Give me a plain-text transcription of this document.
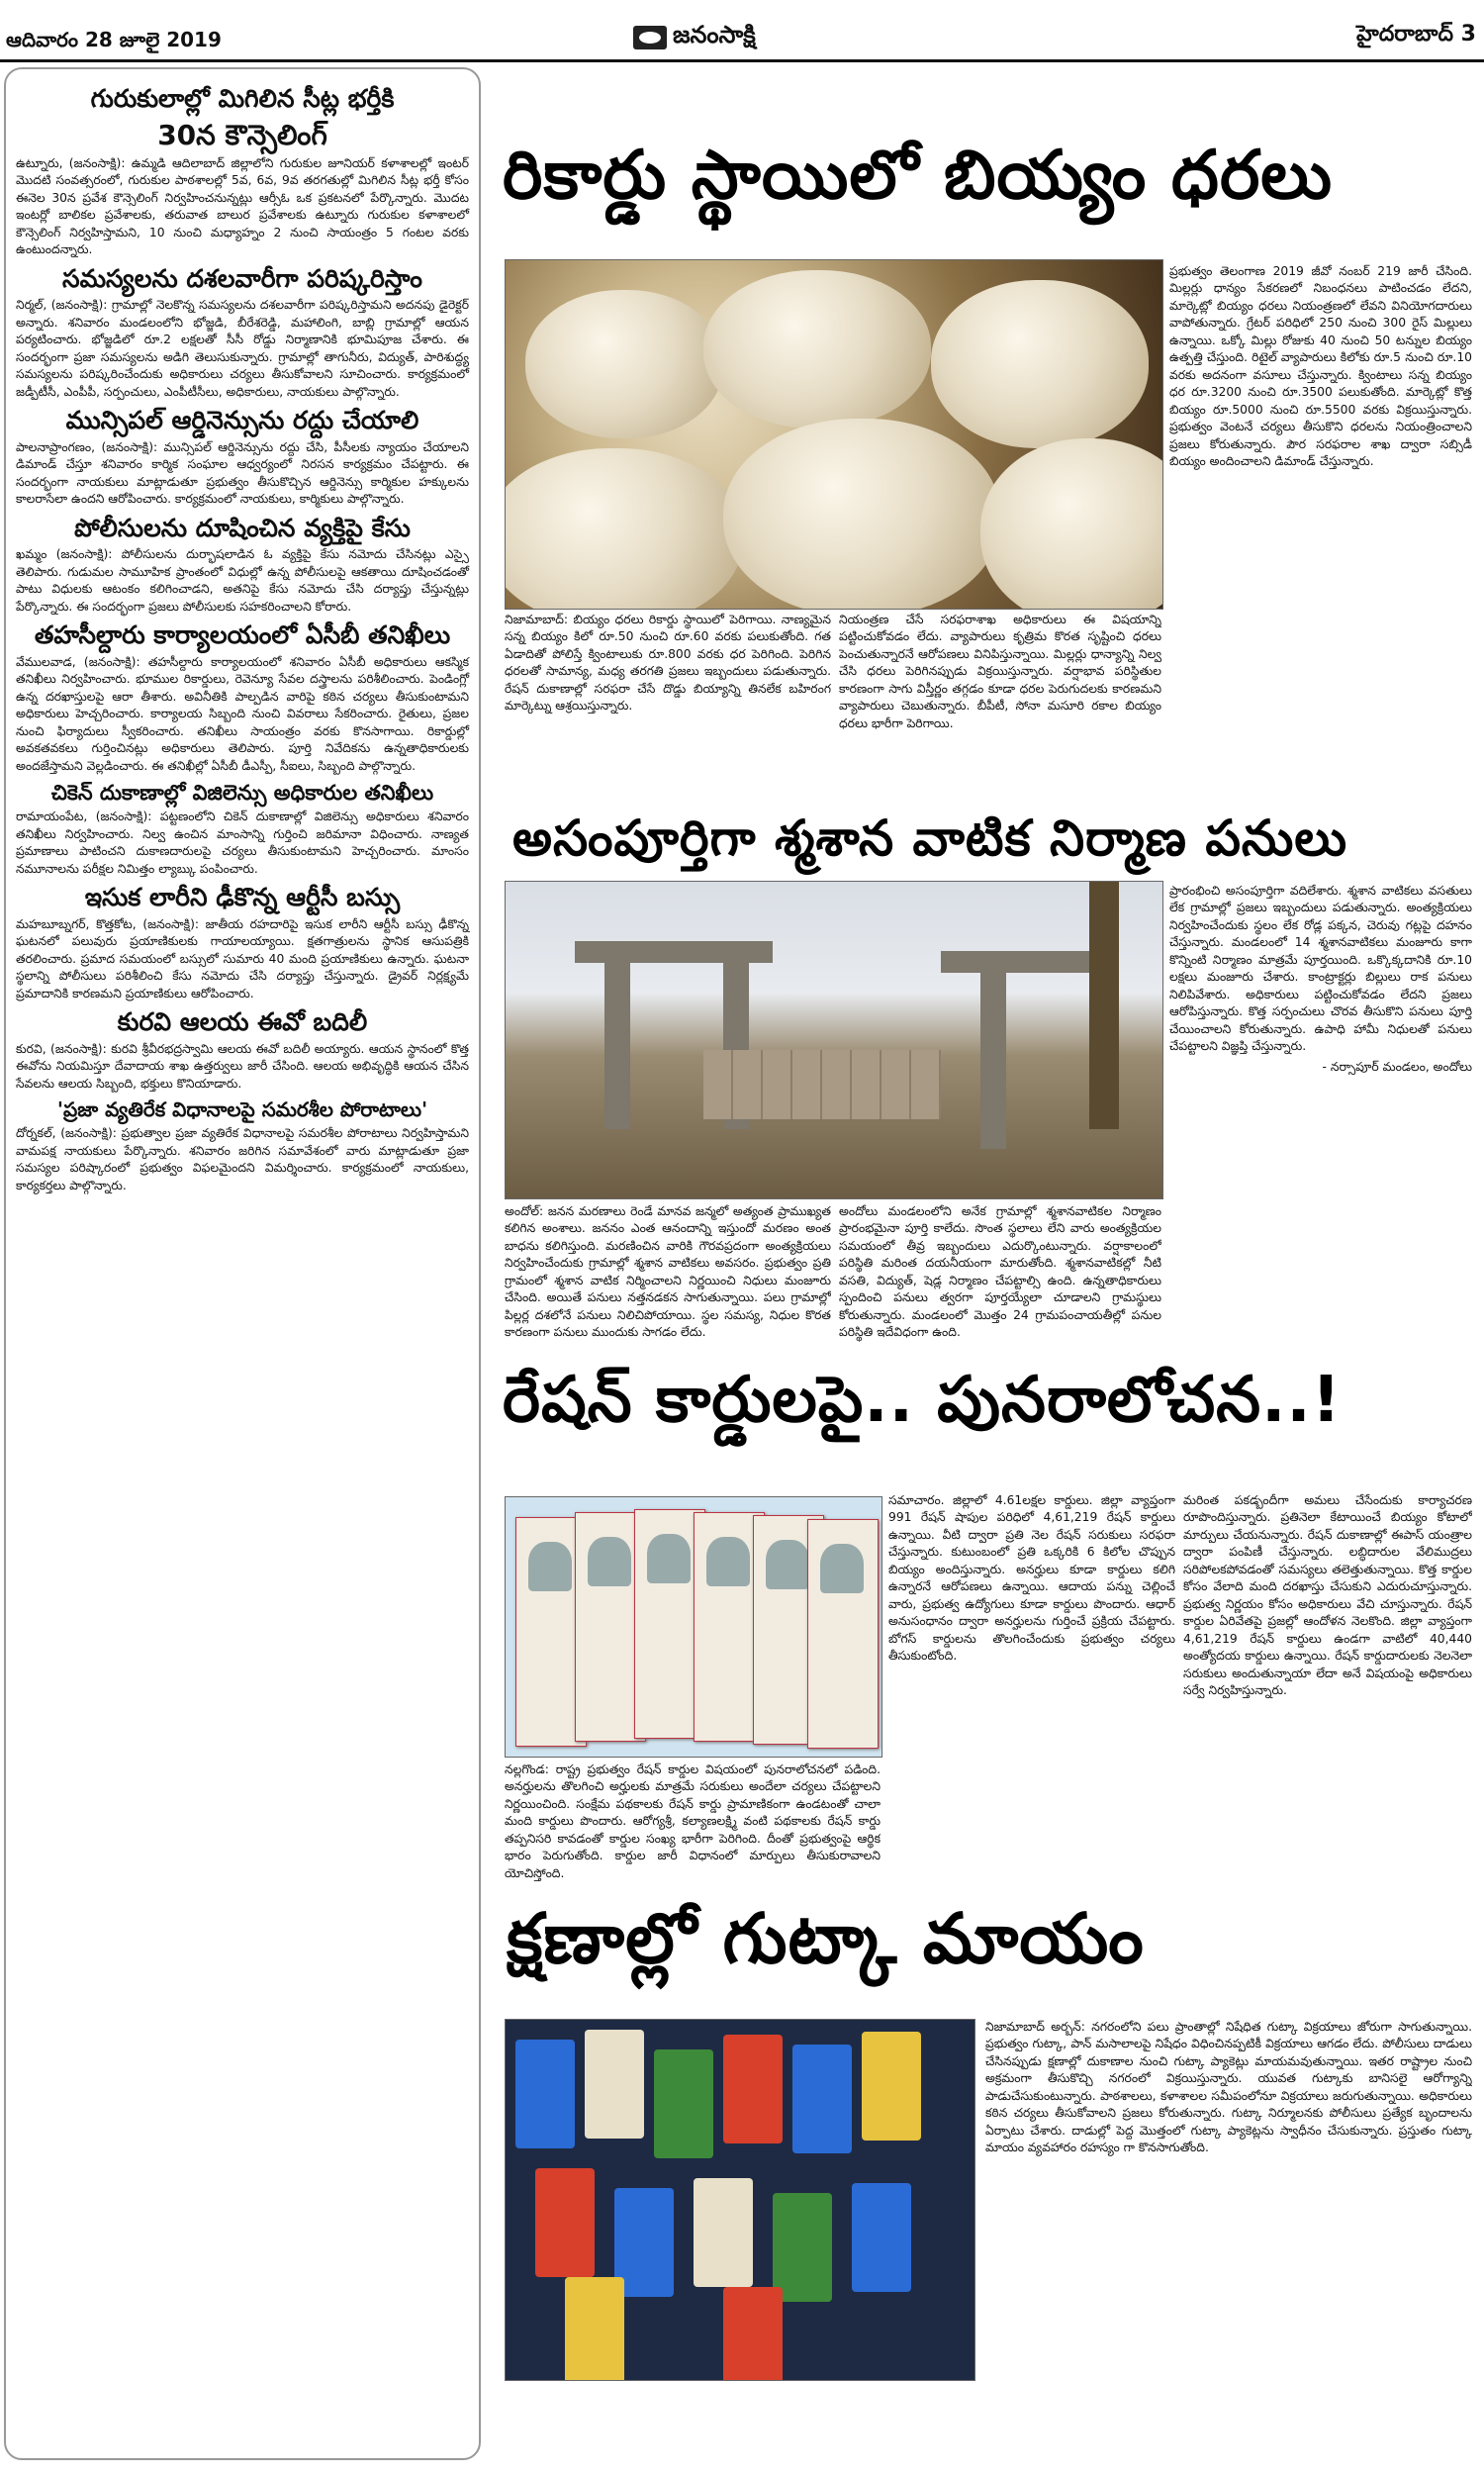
ఆదివారం 28 జూలై 2019	జనంసాక్షి	హైదరాబాద్ 3
గురుకులాల్లో మిగిలిన సీట్ల భర్తీకి
30న కౌన్సెలింగ్

ఉట్నూరు, (జనంసాక్షి): ఉమ్మడి ఆదిలాబాద్ జిల్లాలోని గురుకుల జూనియర్ కళాశాలల్లో ఇంటర్ మొదటి సంవత్సరంలో, గురుకుల పాఠశాలల్లో 5వ, 6వ, 9వ తరగతుల్లో మిగిలిన సీట్ల భర్తీ కోసం ఈనెల 30న ప్రవేశ కౌన్సెలింగ్ నిర్వహించనున్నట్లు ఆర్సీఓ ఒక ప్రకటనలో పేర్కొన్నారు. మొదట ఇంటర్లో బాలికల ప్రవేశాలకు, తరువాత బాలుర ప్రవేశాలకు ఉట్నూరు గురుకుల కళాశాలలో కౌన్సెలింగ్ నిర్వహిస్తామని, 10 నుంచి మధ్యాహ్నం 2 నుంచి సాయంత్రం 5 గంటల వరకు ఉంటుందన్నారు.

సమస్యలను దశలవారీగా పరిష్కరిస్తాం

నిర్మల్, (జనంసాక్షి): గ్రామాల్లో నెలకొన్న సమస్యలను దశలవారీగా పరిష్కరిస్తామని అదనపు డైరెక్టర్ అన్నారు. శనివారం మండలంలోని భోజ్జడి, బీరేశరెడ్డి, మహాలింగి, బాబ్లి గ్రామాల్లో ఆయన పర్యటించారు. భోజ్జడిలో రూ.2 లక్షలతో సీసీ రోడ్డు నిర్మాణానికి భూమిపూజ చేశారు. ఈ సందర్భంగా ప్రజా సమస్యలను అడిగి తెలుసుకున్నారు. గ్రామాల్లో తాగునీరు, విద్యుత్, పారిశుద్ధ్య సమస్యలను పరిష్కరించేందుకు అధికారులు చర్యలు తీసుకోవాలని సూచించారు. కార్యక్రమంలో జడ్పీటీసీ, ఎంపీపీ, సర్పంచులు, ఎంపీటీసీలు, అధికారులు, నాయకులు పాల్గొన్నారు.

మున్సిపల్ ఆర్డినెన్సును రద్దు చేయాలి

పాలనాప్రాంగణం, (జనంసాక్షి): మున్సిపల్ ఆర్డినెన్సును రద్దు చేసి, పీసీలకు న్యాయం చేయాలని డిమాండ్ చేస్తూ శనివారం కార్మిక సంఘాల ఆధ్వర్యంలో నిరసన కార్యక్రమం చేపట్టారు. ఈ సందర్భంగా నాయకులు మాట్లాడుతూ ప్రభుత్వం తీసుకొచ్చిన ఆర్డినెన్సు కార్మికుల హక్కులను కాలరాసేలా ఉందని ఆరోపించారు. కార్యక్రమంలో నాయకులు, కార్మికులు పాల్గొన్నారు.

పోలీసులను దూషించిన వ్యక్తిపై కేసు

ఖమ్మం (జనంసాక్షి): పోలీసులను దుర్భాషలాడిన ఓ వ్యక్తిపై కేసు నమోదు చేసినట్లు ఎస్సై తెలిపారు. గుడుమల సామూహిక ప్రాంతంలో విధుల్లో ఉన్న పోలీసులపై ఆకతాయి దూషించడంతో పాటు విధులకు ఆటంకం కలిగించాడని, అతనిపై కేసు నమోదు చేసి దర్యాప్తు చేస్తున్నట్లు పేర్కొన్నారు. ఈ సందర్భంగా ప్రజలు పోలీసులకు సహకరించాలని కోరారు.

తహసీల్దారు కార్యాలయంలో ఏసీబీ తనిఖీలు

వేములవాడ, (జనంసాక్షి): తహసీల్దారు కార్యాలయంలో శనివారం ఏసీబీ అధికారులు ఆకస్మిక తనిఖీలు నిర్వహించారు. భూముల రికార్డులు, రెవెన్యూ సేవల దస్త్రాలను పరిశీలించారు. పెండింగ్లో ఉన్న దరఖాస్తులపై ఆరా తీశారు. అవినీతికి పాల్పడిన వారిపై కఠిన చర్యలు తీసుకుంటామని అధికారులు హెచ్చరించారు. కార్యాలయ సిబ్బంది నుంచి వివరాలు సేకరించారు. రైతులు, ప్రజల నుంచి ఫిర్యాదులు స్వీకరించారు. తనిఖీలు సాయంత్రం వరకు కొనసాగాయి. రికార్డుల్లో అవకతవకలు గుర్తించినట్లు అధికారులు తెలిపారు. పూర్తి నివేదికను ఉన్నతాధికారులకు అందజేస్తామని వెల్లడించారు. ఈ తనిఖీల్లో ఏసీబీ డీఎస్పీ, సీఐలు, సిబ్బంది పాల్గొన్నారు.

చికెన్ దుకాణాల్లో విజిలెన్సు అధికారుల తనిఖీలు

రామాయంపేట, (జనంసాక్షి): పట్టణంలోని చికెన్ దుకాణాల్లో విజిలెన్సు అధికారులు శనివారం తనిఖీలు నిర్వహించారు. నిల్వ ఉంచిన మాంసాన్ని గుర్తించి జరిమానా విధించారు. నాణ్యత ప్రమాణాలు పాటించని దుకాణదారులపై చర్యలు తీసుకుంటామని హెచ్చరించారు. మాంసం నమూనాలను పరీక్షల నిమిత్తం ల్యాబ్కు పంపించారు.

ఇసుక లారీని ఢీకొన్న ఆర్టీసీ బస్సు

మహబూబ్నగర్, కొత్తకోట, (జనంసాక్షి): జాతీయ రహదారిపై ఇసుక లారీని ఆర్టీసీ బస్సు ఢీకొన్న ఘటనలో పలువురు ప్రయాణికులకు గాయాలయ్యాయి. క్షతగాత్రులను స్థానిక ఆసుపత్రికి తరలించారు. ప్రమాద సమయంలో బస్సులో సుమారు 40 మంది ప్రయాణికులు ఉన్నారు. ఘటనా స్థలాన్ని పోలీసులు పరిశీలించి కేసు నమోదు చేసి దర్యాప్తు చేస్తున్నారు. డ్రైవర్ నిర్లక్ష్యమే ప్రమాదానికి కారణమని ప్రయాణికులు ఆరోపించారు.

కురవి ఆలయ ఈవో బదిలీ

కురవి, (జనంసాక్షి): కురవి శ్రీవీరభద్రస్వామి ఆలయ ఈవో బదిలీ అయ్యారు. ఆయన స్థానంలో కొత్త ఈవోను నియమిస్తూ దేవాదాయ శాఖ ఉత్తర్వులు జారీ చేసింది. ఆలయ అభివృద్ధికి ఆయన చేసిన సేవలను ఆలయ సిబ్బంది, భక్తులు కొనియాడారు.

'ప్రజా వ్యతిరేక విధానాలపై సమరశీల పోరాటాలు'

దోర్నకల్, (జనంసాక్షి): ప్రభుత్వాల ప్రజా వ్యతిరేక విధానాలపై సమరశీల పోరాటాలు నిర్వహిస్తామని వామపక్ష నాయకులు పేర్కొన్నారు. శనివారం జరిగిన సమావేశంలో వారు మాట్లాడుతూ ప్రజా సమస్యల పరిష్కారంలో ప్రభుత్వం విఫలమైందని విమర్శించారు. కార్యక్రమంలో నాయకులు, కార్యకర్తలు పాల్గొన్నారు.

రికార్డు స్థాయిలో బియ్యం ధరలు

ప్రభుత్వం తెలంగాణ 2019 జీవో నంబర్ 219 జారీ చేసింది. మిల్లర్లు ధాన్యం సేకరణలో నిబంధనలు పాటించడం లేదని, మార్కెట్లో బియ్యం ధరలు నియంత్రణలో లేవని వినియోగదారులు వాపోతున్నారు. గ్రేటర్ పరిధిలో 250 నుంచి 300 రైస్ మిల్లులు ఉన్నాయి. ఒక్కో మిల్లు రోజుకు 40 నుంచి 50 టన్నుల బియ్యం ఉత్పత్తి చేస్తుంది. రిటైల్ వ్యాపారులు కిలోకు రూ.5 నుంచి రూ.10 వరకు అదనంగా వసూలు చేస్తున్నారు. క్వింటాలు సన్న బియ్యం ధర రూ.3200 నుంచి రూ.3500 పలుకుతోంది. మార్కెట్లో కొత్త బియ్యం రూ.5000 నుంచి రూ.5500 వరకు విక్రయిస్తున్నారు. ప్రభుత్వం వెంటనే చర్యలు తీసుకొని ధరలను నియంత్రించాలని ప్రజలు కోరుతున్నారు. పౌర సరఫరాల శాఖ ద్వారా సబ్సిడీ బియ్యం అందించాలని డిమాండ్ చేస్తున్నారు.

నిజామాబాద్: బియ్యం ధరలు రికార్డు స్థాయిలో పెరిగాయి. నాణ్యమైన సన్న బియ్యం కిలో రూ.50 నుంచి రూ.60 వరకు పలుకుతోంది. గత ఏడాదితో పోలిస్తే క్వింటాలుకు రూ.800 వరకు ధర పెరిగింది. పెరిగిన ధరలతో సామాన్య, మధ్య తరగతి ప్రజలు ఇబ్బందులు పడుతున్నారు. రేషన్ దుకాణాల్లో సరఫరా చేసే దొడ్డు బియ్యాన్ని తినలేక బహిరంగ మార్కెట్ను ఆశ్రయిస్తున్నారు.

నియంత్రణ చేసే సరఫరాశాఖ అధికారులు ఈ విషయాన్ని పట్టించుకోవడం లేదు. వ్యాపారులు కృత్రిమ కొరత సృష్టించి ధరలు పెంచుతున్నారనే ఆరోపణలు వినిపిస్తున్నాయి. మిల్లర్లు ధాన్యాన్ని నిల్వ చేసి ధరలు పెరిగినప్పుడు విక్రయిస్తున్నారు. వర్షాభావ పరిస్థితుల కారణంగా సాగు విస్తీర్ణం తగ్గడం కూడా ధరల పెరుగుదలకు కారణమని వ్యాపారులు చెబుతున్నారు. బీపీటీ, సోనా మసూరి రకాల బియ్యం ధరలు భారీగా పెరిగాయి.

అసంపూర్తిగా శ్మశాన వాటిక నిర్మాణ పనులు

ప్రారంభించి అసంపూర్తిగా వదిలేశారు. శ్మశాన వాటికలు వసతులు లేక గ్రామాల్లో ప్రజలు ఇబ్బందులు పడుతున్నారు. అంత్యక్రియలు నిర్వహించేందుకు స్థలం లేక రోడ్ల పక్కన, చెరువు గట్లపై దహనం చేస్తున్నారు. మండలంలో 14 శ్మశానవాటికలు మంజూరు కాగా కొన్నింటి నిర్మాణం మాత్రమే పూర్తయింది. ఒక్కొక్కదానికి రూ.10 లక్షలు మంజూరు చేశారు. కాంట్రాక్టర్లు బిల్లులు రాక పనులు నిలిపివేశారు. అధికారులు పట్టించుకోవడం లేదని ప్రజలు ఆరోపిస్తున్నారు. కొత్త సర్పంచులు చొరవ తీసుకొని పనులు పూర్తి చేయించాలని కోరుతున్నారు. ఉపాధి హామీ నిధులతో పనులు చేపట్టాలని విజ్ఞప్తి చేస్తున్నారు.

- నర్సాపూర్ మండలం, అందోలు

అందోల్: జనన మరణాలు రెండే మానవ జన్మలో అత్యంత ప్రాముఖ్యత కలిగిన అంశాలు. జననం ఎంత ఆనందాన్ని ఇస్తుందో మరణం అంత బాధను కలిగిస్తుంది. మరణించిన వారికి గౌరవప్రదంగా అంత్యక్రియలు నిర్వహించేందుకు గ్రామాల్లో శ్మశాన వాటికలు అవసరం. ప్రభుత్వం ప్రతి గ్రామంలో శ్మశాన వాటిక నిర్మించాలని నిర్ణయించి నిధులు మంజూరు చేసింది. అయితే పనులు నత్తనడకన సాగుతున్నాయి. పలు గ్రామాల్లో పిల్లర్ల దశలోనే పనులు నిలిచిపోయాయి. స్థల సమస్య, నిధుల కొరత కారణంగా పనులు ముందుకు సాగడం లేదు.

అందోలు మండలంలోని అనేక గ్రామాల్లో శ్మశానవాటికల నిర్మాణం ప్రారంభమైనా పూర్తి కాలేదు. సొంత స్థలాలు లేని వారు అంత్యక్రియల సమయంలో తీవ్ర ఇబ్బందులు ఎదుర్కొంటున్నారు. వర్షాకాలంలో పరిస్థితి మరింత దయనీయంగా మారుతోంది. శ్మశానవాటికల్లో నీటి వసతి, విద్యుత్, షెడ్ల నిర్మాణం చేపట్టాల్సి ఉంది. ఉన్నతాధికారులు స్పందించి పనులు త్వరగా పూర్తయ్యేలా చూడాలని గ్రామస్థులు కోరుతున్నారు. మండలంలో మొత్తం 24 గ్రామపంచాయతీల్లో పనుల పరిస్థితి ఇదేవిధంగా ఉంది.

రేషన్ కార్డులపై.. పునరాలోచన..!

సమాచారం. జిల్లాలో 4.61లక్షల కార్డులు. జిల్లా వ్యాప్తంగా 991 రేషన్ షాపుల పరిధిలో 4,61,219 రేషన్ కార్డులు ఉన్నాయి. వీటి ద్వారా ప్రతి నెల రేషన్ సరుకులు సరఫరా చేస్తున్నారు. కుటుంబంలో ప్రతి ఒక్కరికి 6 కిలోల చొప్పున బియ్యం అందిస్తున్నారు. అనర్హులు కూడా కార్డులు కలిగి ఉన్నారనే ఆరోపణలు ఉన్నాయి. ఆదాయ పన్ను చెల్లించే వారు, ప్రభుత్వ ఉద్యోగులు కూడా కార్డులు పొందారు. ఆధార్ అనుసంధానం ద్వారా అనర్హులను గుర్తించే ప్రక్రియ చేపట్టారు. బోగస్ కార్డులను తొలగించేందుకు ప్రభుత్వం చర్యలు తీసుకుంటోంది.

మరింత పకడ్బందీగా అమలు చేసేందుకు కార్యాచరణ రూపొందిస్తున్నారు. ప్రతినెలా కేటాయించే బియ్యం కోటాలో మార్పులు చేయనున్నారు. రేషన్ దుకాణాల్లో ఈపాస్ యంత్రాల ద్వారా పంపిణీ చేస్తున్నారు. లబ్ధిదారుల వేలిముద్రలు సరిపోలకపోవడంతో సమస్యలు తలెత్తుతున్నాయి. కొత్త కార్డుల కోసం వేలాది మంది దరఖాస్తు చేసుకుని ఎదురుచూస్తున్నారు. ప్రభుత్వ నిర్ణయం కోసం అధికారులు వేచి చూస్తున్నారు. రేషన్ కార్డుల ఏరివేతపై ప్రజల్లో ఆందోళన నెలకొంది. జిల్లా వ్యాప్తంగా 4,61,219 రేషన్ కార్డులు ఉండగా వాటిలో 40,440 అంత్యోదయ కార్డులు ఉన్నాయి. రేషన్ కార్డుదారులకు నెలనెలా సరుకులు అందుతున్నాయా లేదా అనే విషయంపై అధికారులు సర్వే నిర్వహిస్తున్నారు.

నల్లగొండ: రాష్ట్ర ప్రభుత్వం రేషన్ కార్డుల విషయంలో పునరాలోచనలో పడింది. అనర్హులను తొలగించి అర్హులకు మాత్రమే సరుకులు అందేలా చర్యలు చేపట్టాలని నిర్ణయించింది. సంక్షేమ పథకాలకు రేషన్ కార్డు ప్రామాణికంగా ఉండటంతో చాలా మంది కార్డులు పొందారు. ఆరోగ్యశ్రీ, కల్యాణలక్ష్మి వంటి పథకాలకు రేషన్ కార్డు తప్పనిసరి కావడంతో కార్డుల సంఖ్య భారీగా పెరిగింది. దీంతో ప్రభుత్వంపై ఆర్థిక భారం పెరుగుతోంది. కార్డుల జారీ విధానంలో మార్పులు తీసుకురావాలని యోచిస్తోంది.

క్షణాల్లో గుట్కా మాయం

నిజామాబాద్ అర్బన్: నగరంలోని పలు ప్రాంతాల్లో నిషేధిత గుట్కా విక్రయాలు జోరుగా సాగుతున్నాయి. ప్రభుత్వం గుట్కా, పాన్ మసాలాలపై నిషేధం విధించినప్పటికీ విక్రయాలు ఆగడం లేదు. పోలీసులు దాడులు చేసినప్పుడు క్షణాల్లో దుకాణాల నుంచి గుట్కా ప్యాకెట్లు మాయమవుతున్నాయి. ఇతర రాష్ట్రాల నుంచి అక్రమంగా తీసుకొచ్చి నగరంలో విక్రయిస్తున్నారు. యువత గుట్కాకు బానిసలై ఆరోగ్యాన్ని పాడుచేసుకుంటున్నారు. పాఠశాలలు, కళాశాలల సమీపంలోనూ విక్రయాలు జరుగుతున్నాయి. అధికారులు కఠిన చర్యలు తీసుకోవాలని ప్రజలు కోరుతున్నారు. గుట్కా నిర్మూలనకు పోలీసులు ప్రత్యేక బృందాలను ఏర్పాటు చేశారు. దాడుల్లో పెద్ద మొత్తంలో గుట్కా ప్యాకెట్లను స్వాధీనం చేసుకున్నారు. ప్రస్తుతం గుట్కా మాయం వ్యవహారం రహస్యం గా కొనసాగుతోంది.
